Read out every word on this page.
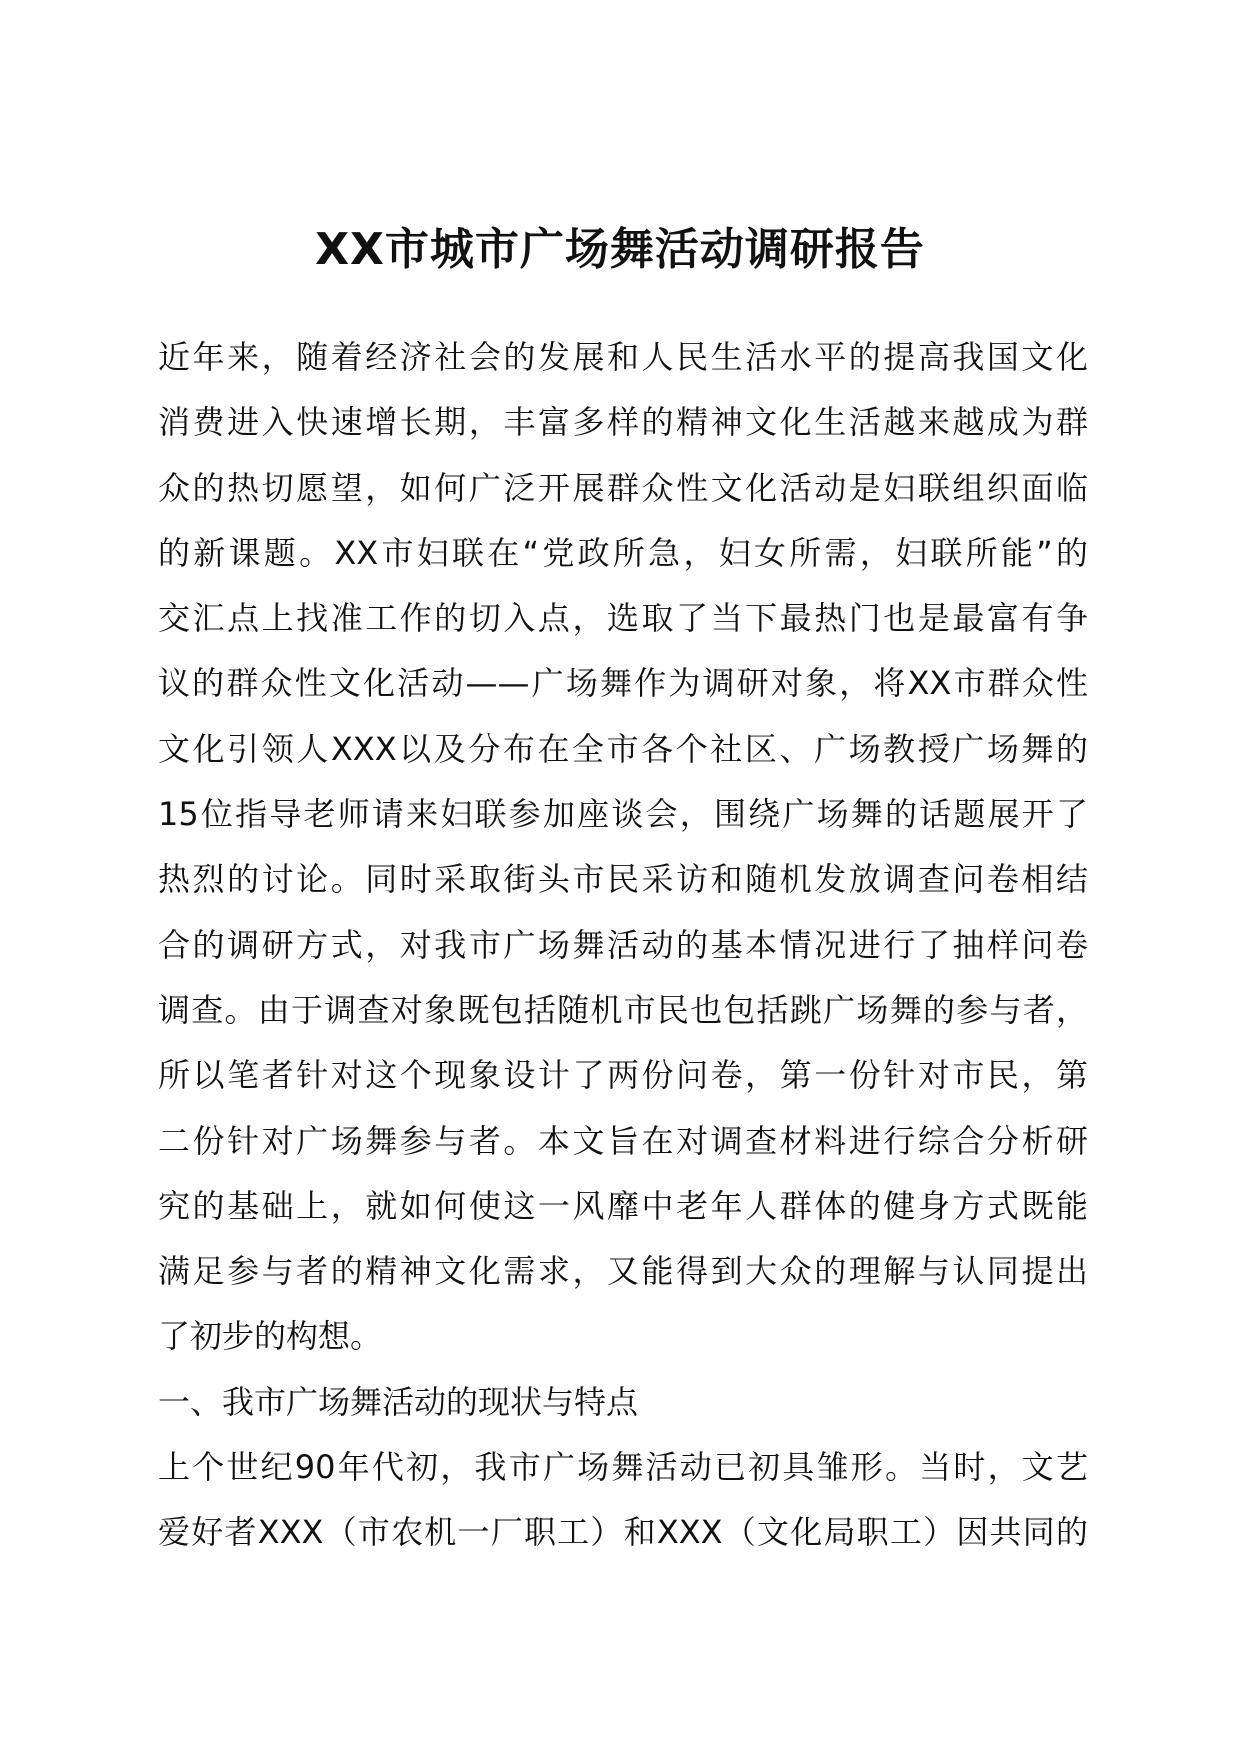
XX市城市广场舞活动调研报告
近年来，随着经济社会的发展和人民生活水平的提高我国文化
消费进入快速增长期，丰富多样的精神文化生活越来越成为群
众的热切愿望，如何广泛开展群众性文化活动是妇联组织面临
的新课题。XX市妇联在“党政所急，妇女所需，妇联所能”的
交汇点上找准工作的切入点，选取了当下最热门也是最富有争
议的群众性文化活动——广场舞作为调研对象，将XX市群众性
文化引领人XXX以及分布在全市各个社区、广场教授广场舞的
15位指导老师请来妇联参加座谈会，围绕广场舞的话题展开了
热烈的讨论。同时采取街头市民采访和随机发放调查问卷相结
合的调研方式，对我市广场舞活动的基本情况进行了抽样问卷
调查。由于调查对象既包括随机市民也包括跳广场舞的参与者，
所以笔者针对这个现象设计了两份问卷，第一份针对市民，第
二份针对广场舞参与者。本文旨在对调查材料进行综合分析研
究的基础上，就如何使这一风靡中老年人群体的健身方式既能
满足参与者的精神文化需求，又能得到大众的理解与认同提出
了初步的构想。
一、我市广场舞活动的现状与特点
上个世纪90年代初，我市广场舞活动已初具雏形。当时，文艺
爱好者XXX（市农机一厂职工）和XXX（文化局职工）因共同的
